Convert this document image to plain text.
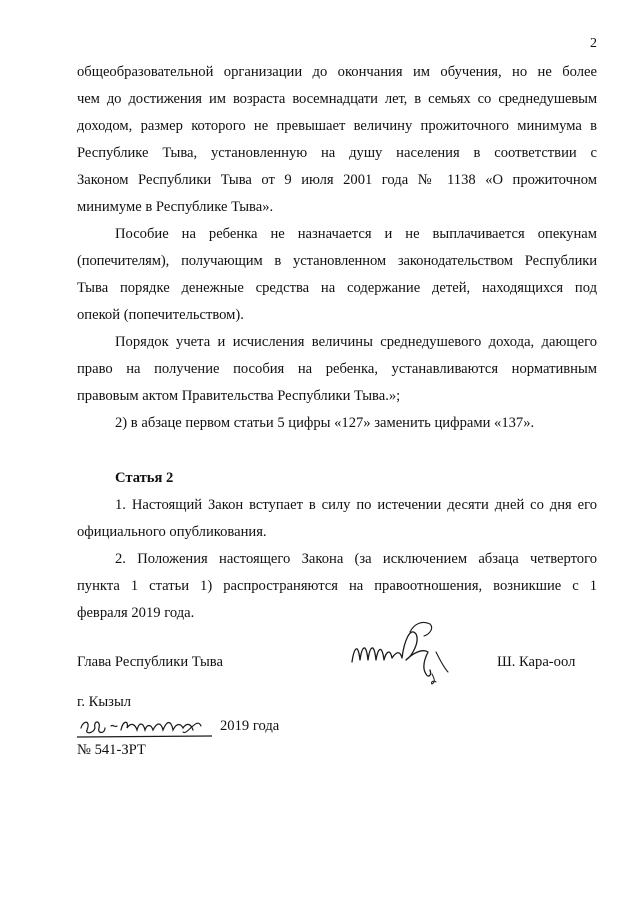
2
общеобразовательной организации до окончания им обучения, но не более
чем до достижения им возраста восемнадцати лет, в семьях со среднедушевым
доходом, размер которого не превышает величину прожиточного минимума в
Республике Тыва, установленную на душу населения в соответствии с
Законом Республики Тыва от 9 июля 2001 года № 1138 «О прожиточном
минимуме в Республике Тыва».
Пособие на ребенка не назначается и не выплачивается опекунам
(попечителям), получающим в установленном законодательством Республики
Тыва порядке денежные средства на содержание детей, находящихся под
опекой (попечительством).
Порядок учета и исчисления величины среднедушевого дохода, дающего
право на получение пособия на ребенка, устанавливаются нормативным
правовым актом Правительства Республики Тыва.»;
2) в абзаце первом статьи 5 цифры «127» заменить цифрами «137».
Статья 2
1. Настоящий Закон вступает в силу по истечении десяти дней со дня его
официального опубликования.
2. Положения настоящего Закона (за исключением абзаца четвертого
пункта 1 статьи 1) распространяются на правоотношения, возникшие с 1
февраля 2019 года.
Глава Республики Тыва	Ш. Кара-оол
г. Кызыл
2019 года
№ 541-ЗРТ
